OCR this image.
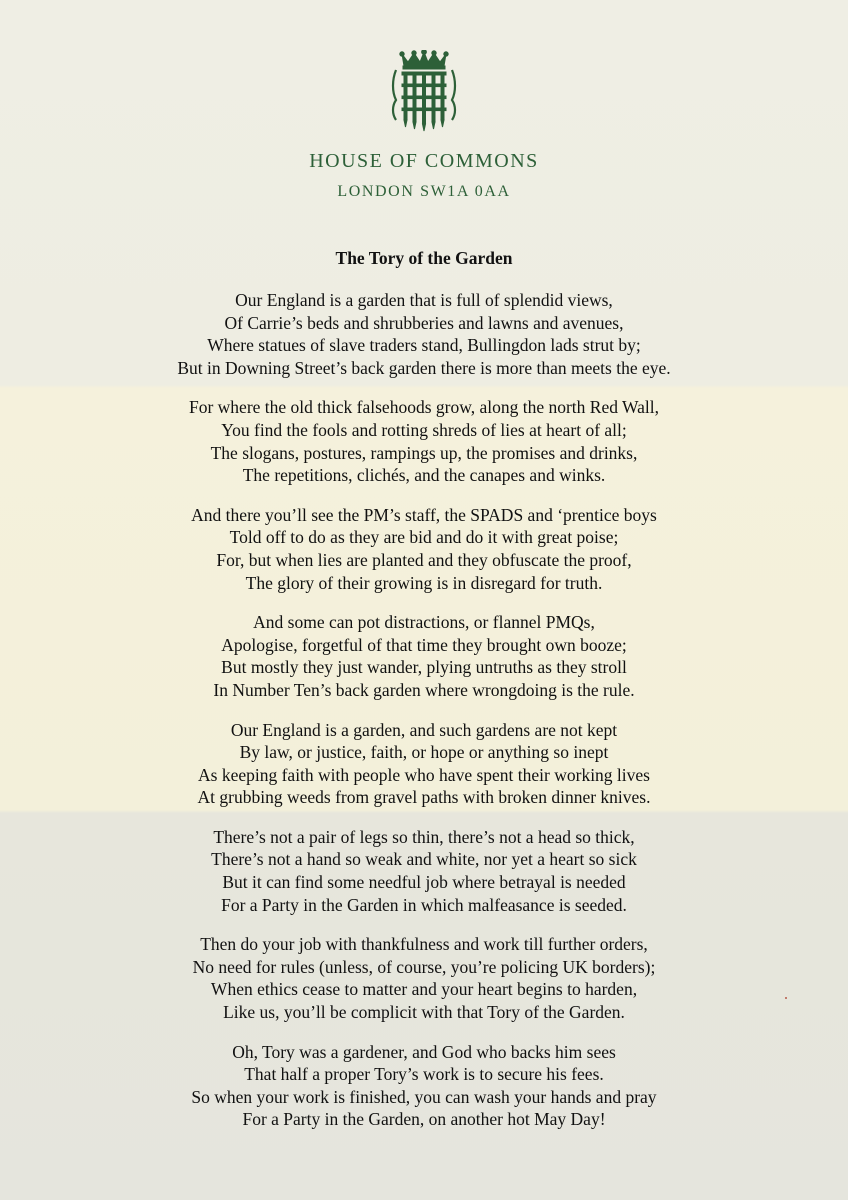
HOUSE OF COMMONS
LONDON SW1A 0AA
The Tory of the Garden
Our England is a garden that is full of splendid views,
Of Carrie’s beds and shrubberies and lawns and avenues,
Where statues of slave traders stand, Bullingdon lads strut by;
But in Downing Street’s back garden there is more than meets the eye.
For where the old thick falsehoods grow, along the north Red Wall,
You find the fools and rotting shreds of lies at heart of all;
The slogans, postures, rampings up, the promises and drinks,
The repetitions, clichés, and the canapes and winks.
And there you’ll see the PM’s staff, the SPADS and ‘prentice boys
Told off to do as they are bid and do it with great poise;
For, but when lies are planted and they obfuscate the proof,
The glory of their growing is in disregard for truth.
And some can pot distractions, or flannel PMQs,
Apologise, forgetful of that time they brought own booze;
But mostly they just wander, plying untruths as they stroll
In Number Ten’s back garden where wrongdoing is the rule.
Our England is a garden, and such gardens are not kept
By law, or justice, faith, or hope or anything so inept
As keeping faith with people who have spent their working lives
At grubbing weeds from gravel paths with broken dinner knives.
There’s not a pair of legs so thin, there’s not a head so thick,
There’s not a hand so weak and white, nor yet a heart so sick
But it can find some needful job where betrayal is needed
For a Party in the Garden in which malfeasance is seeded.
Then do your job with thankfulness and work till further orders,
No need for rules (unless, of course, you’re policing UK borders);
When ethics cease to matter and your heart begins to harden,
Like us, you’ll be complicit with that Tory of the Garden.
Oh, Tory was a gardener, and God who backs him sees
That half a proper Tory’s work is to secure his fees.
So when your work is finished, you can wash your hands and pray
For a Party in the Garden, on another hot May Day!
